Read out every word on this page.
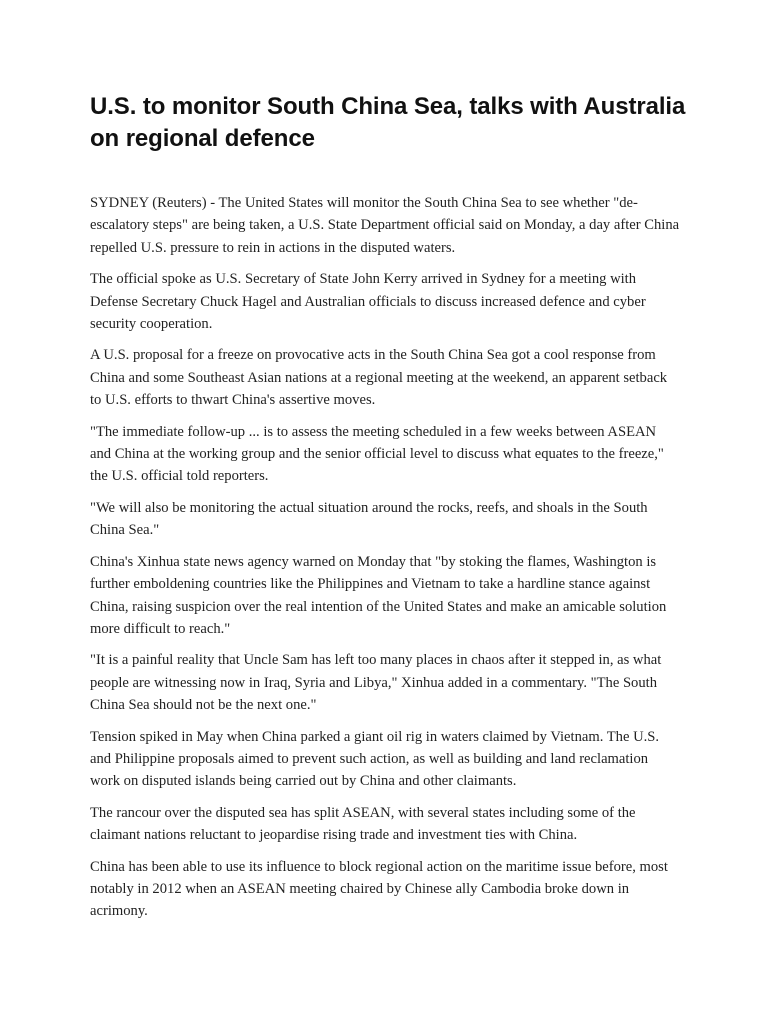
U.S. to monitor South China Sea, talks with Australia on regional defence

SYDNEY (Reuters) - The United States will monitor the South China Sea to see whether "de-escalatory steps" are being taken, a U.S. State Department official said on Monday, a day after China repelled U.S. pressure to rein in actions in the disputed waters.

The official spoke as U.S. Secretary of State John Kerry arrived in Sydney for a meeting with Defense Secretary Chuck Hagel and Australian officials to discuss increased defence and cyber security cooperation.

A U.S. proposal for a freeze on provocative acts in the South China Sea got a cool response from China and some Southeast Asian nations at a regional meeting at the weekend, an apparent setback to U.S. efforts to thwart China's assertive moves.

"The immediate follow-up ... is to assess the meeting scheduled in a few weeks between ASEAN and China at the working group and the senior official level to discuss what equates to the freeze," the U.S. official told reporters.

"We will also be monitoring the actual situation around the rocks, reefs, and shoals in the South China Sea."

China's Xinhua state news agency warned on Monday that "by stoking the flames, Washington is further emboldening countries like the Philippines and Vietnam to take a hardline stance against China, raising suspicion over the real intention of the United States and make an amicable solution more difficult to reach."

"It is a painful reality that Uncle Sam has left too many places in chaos after it stepped in, as what people are witnessing now in Iraq, Syria and Libya," Xinhua added in a commentary. "The South China Sea should not be the next one."

Tension spiked in May when China parked a giant oil rig in waters claimed by Vietnam. The U.S. and Philippine proposals aimed to prevent such action, as well as building and land reclamation work on disputed islands being carried out by China and other claimants.

The rancour over the disputed sea has split ASEAN, with several states including some of the claimant nations reluctant to jeopardise rising trade and investment ties with China.

China has been able to use its influence to block regional action on the maritime issue before, most notably in 2012 when an ASEAN meeting chaired by Chinese ally Cambodia broke down in acrimony.
